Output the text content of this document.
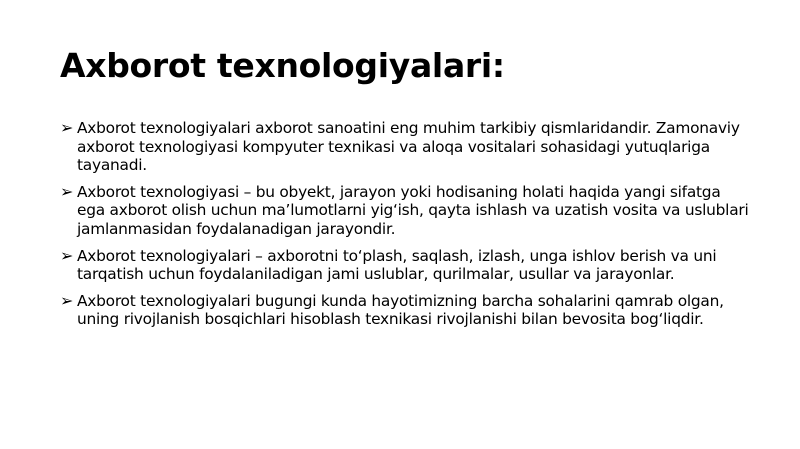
Axborot texnologiyalari:
➢ Axborot texnologiyalari axborot sanoatini eng muhim tarkibiy qismlaridandir. Zamonaviy axborot texnologiyasi kompyuter texnikasi va aloqa vositalari sohasidagi yutuqlariga tayanadi.
➢ Axborot texnologiyasi – bu obyekt, jarayon yoki hodisaning holati haqida yangi sifatga ega axborot olish uchun ma’lumotlarni yig‘ish, qayta ishlash va uzatish vosita va uslublari jamlanmasidan foydalanadigan jarayondir.
➢ Axborot texnologiyalari – axborotni to‘plash, saqlash, izlash, unga ishlov berish va uni tarqatish uchun foydalaniladigan jami uslublar, qurilmalar, usullar va jarayonlar.
➢ Axborot texnologiyalari bugungi kunda hayotimizning barcha sohalarini qamrab olgan, uning rivojlanish bosqichlari hisoblash texnikasi rivojlanishi bilan bevosita bog‘liqdir.
